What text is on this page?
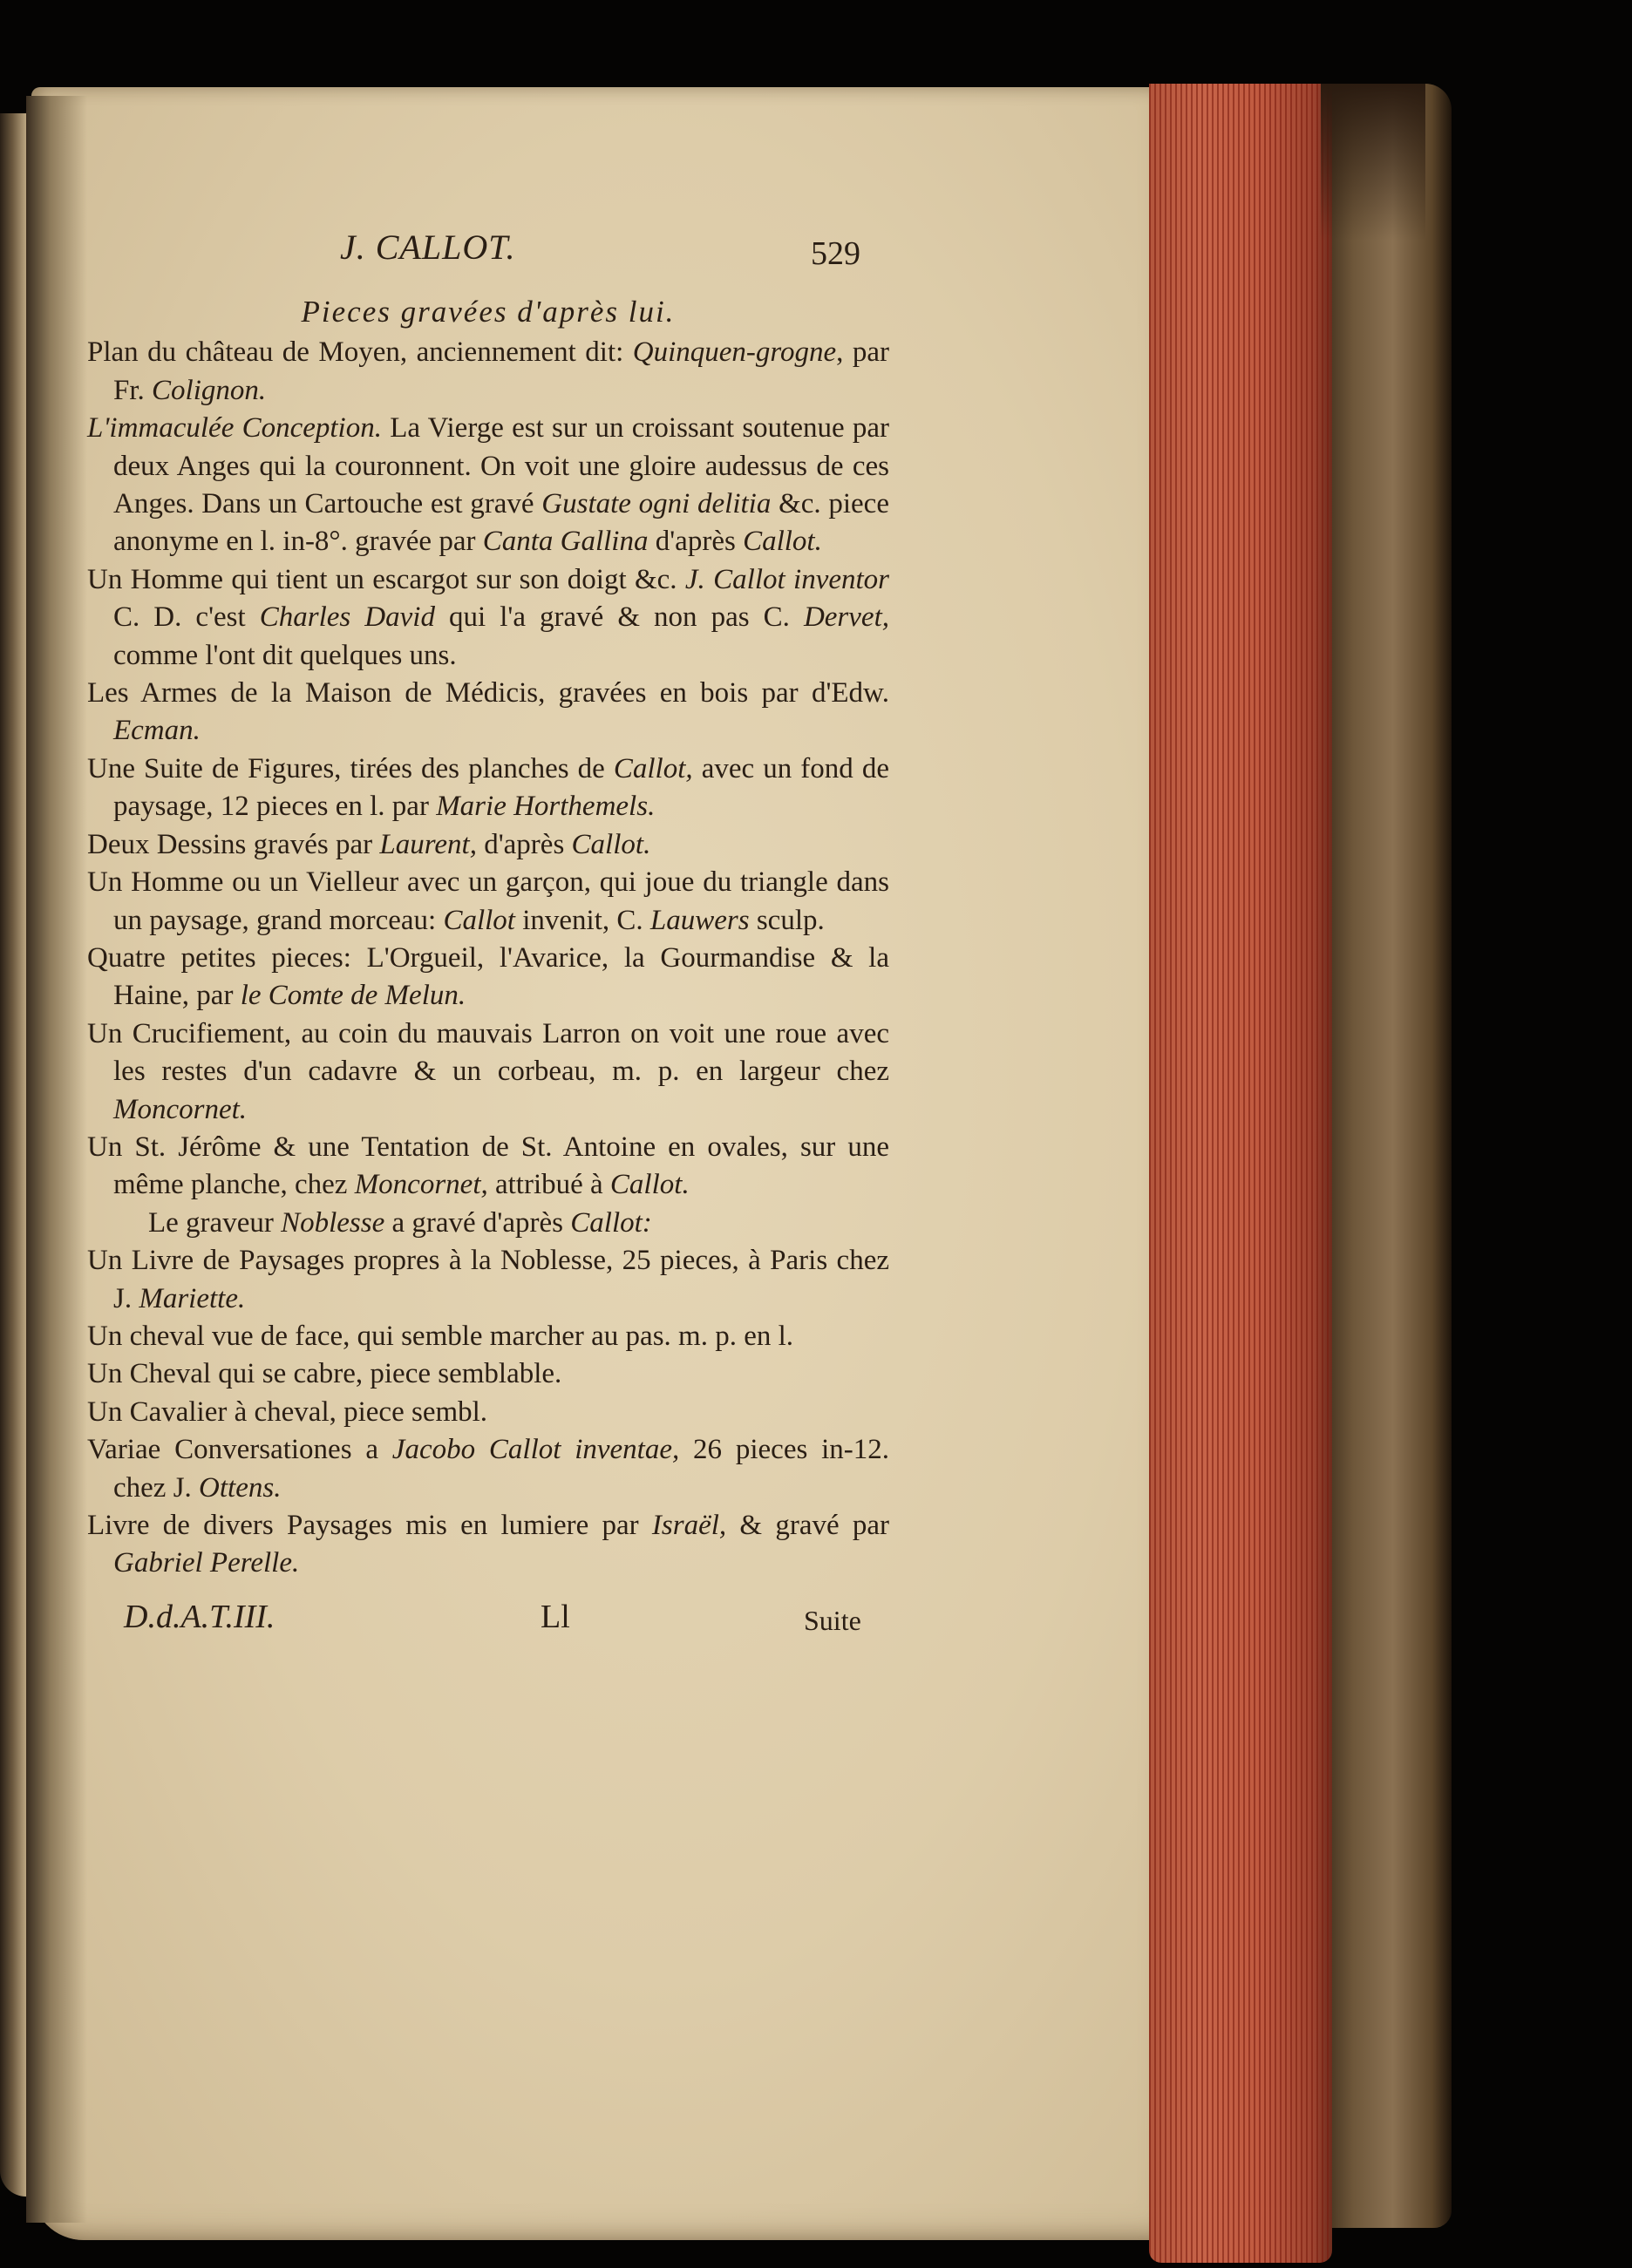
J. CALLOT.	529

Pieces gravées d'après lui.

Plan du château de Moyen, anciennement dit: Quinquen-grogne, par Fr. Colignon.

L'immaculée Conception. La Vierge est sur un croissant soutenue par deux Anges qui la couronnent. On voit une gloire audessus de ces Anges. Dans un Cartouche est gravé Gustate ogni delitia &c. piece anonyme en l. in-8°. gravée par Canta Gallina d'après Callot.

Un Homme qui tient un escargot sur son doigt &c. J. Callot inventor C. D. c'est Charles David qui l'a gravé & non pas C. Dervet, comme l'ont dit quelques uns.

Les Armes de la Maison de Médicis, gravées en bois par d'Edw. Ecman.

Une Suite de Figures, tirées des planches de Callot, avec un fond de paysage, 12 pieces en l. par Marie Horthemels.

Deux Dessins gravés par Laurent, d'après Callot.

Un Homme ou un Vielleur avec un garçon, qui joue du triangle dans un paysage, grand morceau: Callot invenit, C. Lauwers sculp.

Quatre petites pieces: L'Orgueil, l'Avarice, la Gourmandise & la Haine, par le Comte de Melun.

Un Crucifiement, au coin du mauvais Larron on voit une roue avec les restes d'un cadavre & un corbeau, m. p. en largeur chez Moncornet.

Un St. Jérôme & une Tentation de St. Antoine en ovales, sur une même planche, chez Moncornet, attribué à Callot.

Le graveur Noblesse a gravé d'après Callot:

Un Livre de Paysages propres à la Noblesse, 25 pieces, à Paris chez J. Mariette.

Un cheval vue de face, qui semble marcher au pas. m. p. en l.

Un Cheval qui se cabre, piece semblable.

Un Cavalier à cheval, piece sembl.

Variae Conversationes a Jacobo Callot inventae, 26 pieces in-12. chez J. Ottens.

Livre de divers Paysages mis en lumiere par Israël, & gravé par Gabriel Perelle.

D.d.A.T.III.	Ll	Suite
